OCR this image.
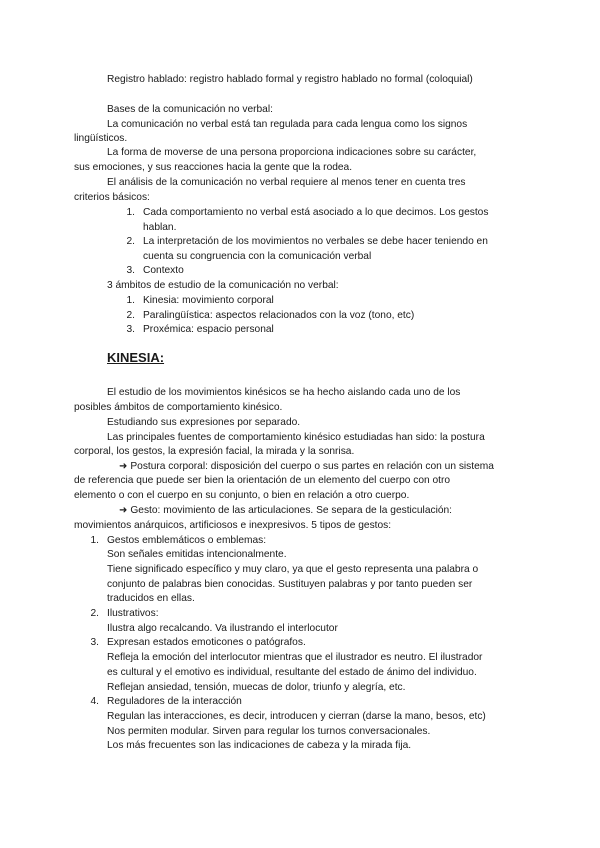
Registro hablado: registro hablado formal y registro hablado no formal (coloquial)
Bases de la comunicación no verbal:
La comunicación no verbal está tan regulada para cada lengua como los signos
lingüísticos.
La forma de moverse de una persona proporciona indicaciones sobre su carácter,
sus emociones, y sus reacciones hacia la gente que la rodea.
El análisis de la comunicación no verbal requiere al menos tener en cuenta tres
criterios básicos:
1. Cada comportamiento no verbal está asociado a lo que decimos. Los gestos
hablan.
2. La interpretación de los movimientos no verbales se debe hacer teniendo en
cuenta su congruencia con la comunicación verbal
3. Contexto
3 ámbitos de estudio de la comunicación no verbal:
1. Kinesia: movimiento corporal
2. Paralingüística: aspectos relacionados con la voz (tono, etc)
3. Proxémica: espacio personal
KINESIA:
El estudio de los movimientos kinésicos se ha hecho aislando cada uno de los
posibles ámbitos de comportamiento kinésico.
Estudiando sus expresiones por separado.
Las principales fuentes de comportamiento kinésico estudiadas han sido: la postura
corporal, los gestos, la expresión facial, la mirada y la sonrisa.
➜ Postura corporal: disposición del cuerpo o sus partes en relación con un sistema
de referencia que puede ser bien la orientación de un elemento del cuerpo con otro
elemento o con el cuerpo en su conjunto, o bien en relación a otro cuerpo.
➜ Gesto: movimiento de las articulaciones. Se separa de la gesticulación:
movimientos anárquicos, artificiosos e inexpresivos. 5 tipos de gestos:
1. Gestos emblemáticos o emblemas:
Son señales emitidas intencionalmente.
Tiene significado específico y muy claro, ya que el gesto representa una palabra o
conjunto de palabras bien conocidas. Sustituyen palabras y por tanto pueden ser
traducidos en ellas.
2. Ilustrativos:
Ilustra algo recalcando. Va ilustrando el interlocutor
3. Expresan estados emoticones o patógrafos.
Refleja la emoción del interlocutor mientras que el ilustrador es neutro. El ilustrador
es cultural y el emotivo es individual, resultante del estado de ánimo del individuo.
Reflejan ansiedad, tensión, muecas de dolor, triunfo y alegría, etc.
4. Reguladores de la interacción
Regulan las interacciones, es decir, introducen y cierran (darse la mano, besos, etc)
Nos permiten modular. Sirven para regular los turnos conversacionales.
Los más frecuentes son las indicaciones de cabeza y la mirada fija.
